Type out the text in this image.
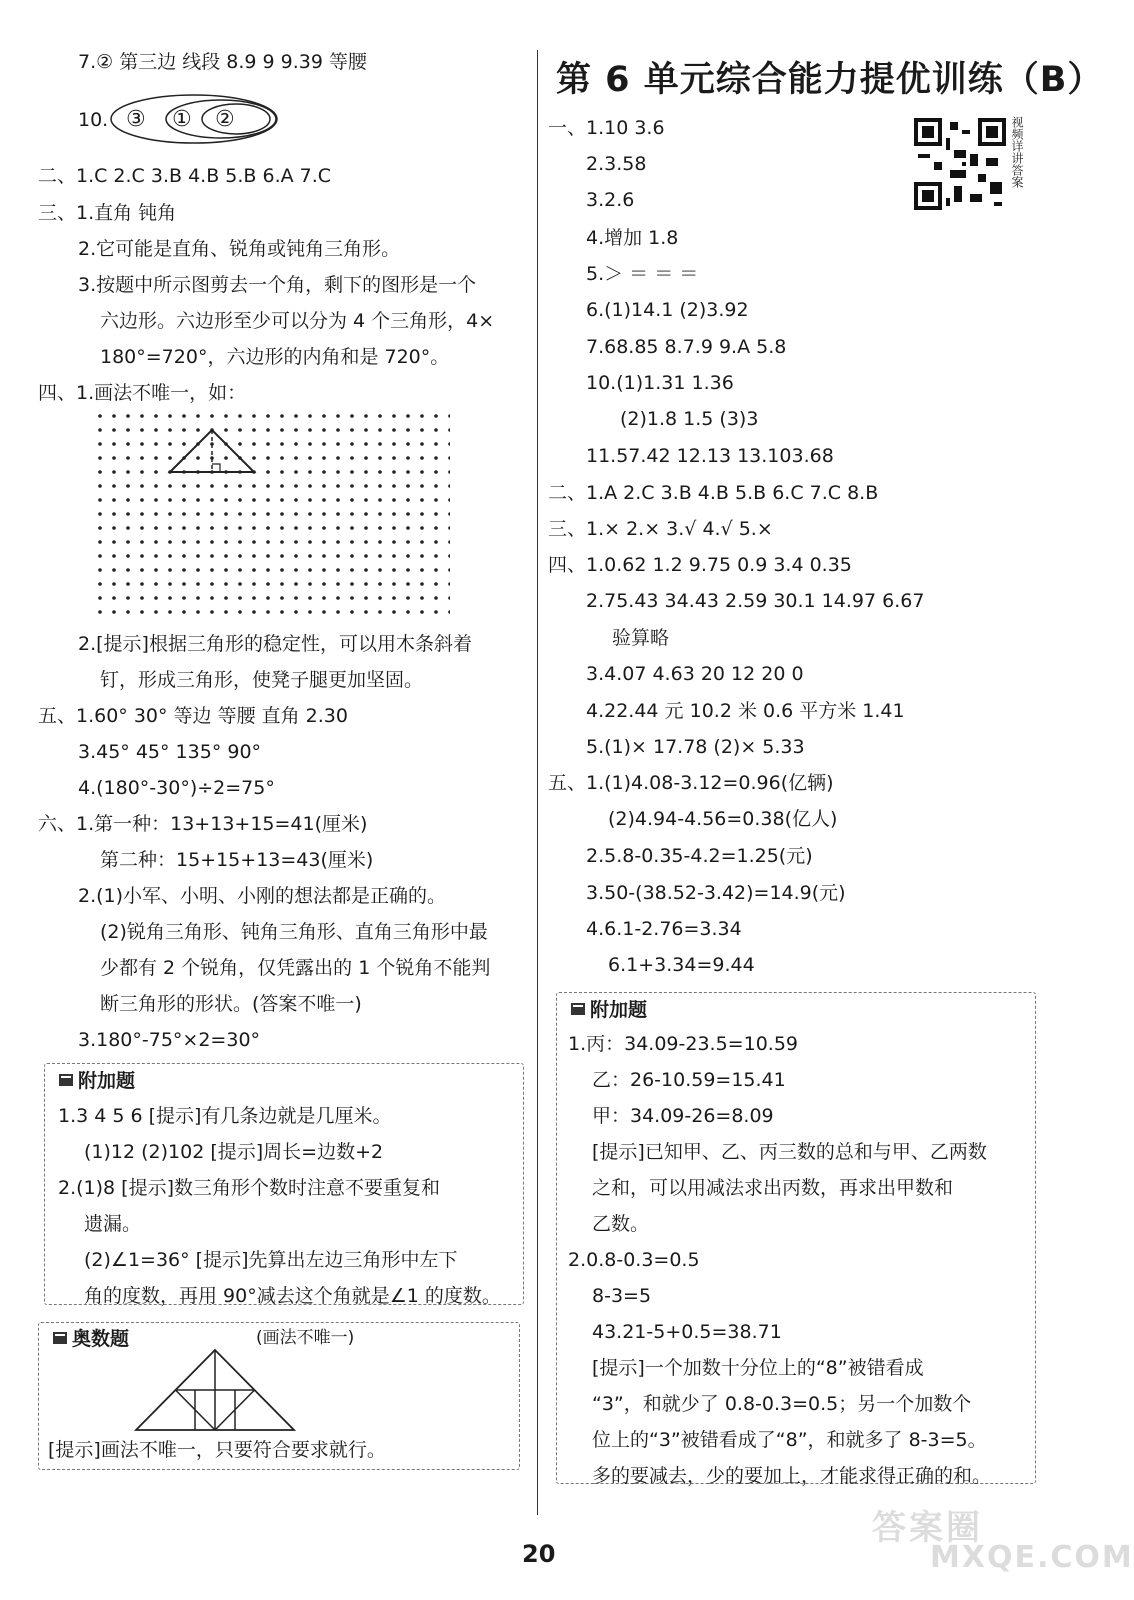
7.② 第三边 线段 8.9 9 9.39 等腰
10. ③ ① ②
二、1.C 2.C 3.B 4.B 5.B 6.A 7.C
三、1.直角 钝角
2.它可能是直角、锐角或钝角三角形。
3.按题中所示图剪去一个角，剩下的图形是一个
六边形。六边形至少可以分为 4 个三角形，4×
180°=720°，六边形的内角和是 720°。
四、1.画法不唯一，如：
2.[提示]根据三角形的稳定性，可以用木条斜着
钉，形成三角形，使凳子腿更加坚固。
五、1.60° 30° 等边 等腰 直角 2.30
3.45° 45° 135° 90°
4.(180°-30°)÷2=75°
六、1.第一种：13+13+15=41(厘米)
第二种：15+15+13=43(厘米)
2.(1)小军、小明、小刚的想法都是正确的。
(2)锐角三角形、钝角三角形、直角三角形中最
少都有 2 个锐角，仅凭露出的 1 个锐角不能判
断三角形的形状。(答案不唯一)
3.180°-75°×2=30°
附加题
1.3 4 5 6 [提示]有几条边就是几厘米。
(1)12 (2)102 [提示]周长=边数+2
2.(1)8 [提示]数三角形个数时注意不要重复和
遗漏。
(2)∠1=36° [提示]先算出左边三角形中左下
角的度数，再用 90°减去这个角就是∠1 的度数。
奥数题	(画法不唯一)
[提示]画法不唯一，只要符合要求就行。
第 6 单元综合能力提优训练（B）
视频详讲答案
一、1.10 3.6
2.3.58
3.2.6
4.增加 1.8
5.＞ ＝ ＝ ＝
6.(1)14.1 (2)3.92
7.68.85 8.7.9 9.A 5.8
10.(1)1.31 1.36
(2)1.8 1.5 (3)3
11.57.42 12.13 13.103.68
二、1.A 2.C 3.B 4.B 5.B 6.C 7.C 8.B
三、1.× 2.× 3.√ 4.√ 5.×
四、1.0.62 1.2 9.75 0.9 3.4 0.35
2.75.43 34.43 2.59 30.1 14.97 6.67
验算略
3.4.07 4.63 20 12 20 0
4.22.44 元 10.2 米 0.6 平方米 1.41
5.(1)× 17.78 (2)× 5.33
五、1.(1)4.08-3.12=0.96(亿辆)
(2)4.94-4.56=0.38(亿人)
2.5.8-0.35-4.2=1.25(元)
3.50-(38.52-3.42)=14.9(元)
4.6.1-2.76=3.34
6.1+3.34=9.44
附加题
1.丙：34.09-23.5=10.59
乙：26-10.59=15.41
甲：34.09-26=8.09
[提示]已知甲、乙、丙三数的总和与甲、乙两数
之和，可以用减法求出丙数，再求出甲数和
乙数。
2.0.8-0.3=0.5
8-3=5
43.21-5+0.5=38.71
[提示]一个加数十分位上的“8”被错看成
“3”，和就少了 0.8-0.3=0.5；另一个加数个
位上的“3”被错看成了“8”，和就多了 8-3=5。
多的要减去，少的要加上，才能求得正确的和。
20
答案圈
MXQE.COM
